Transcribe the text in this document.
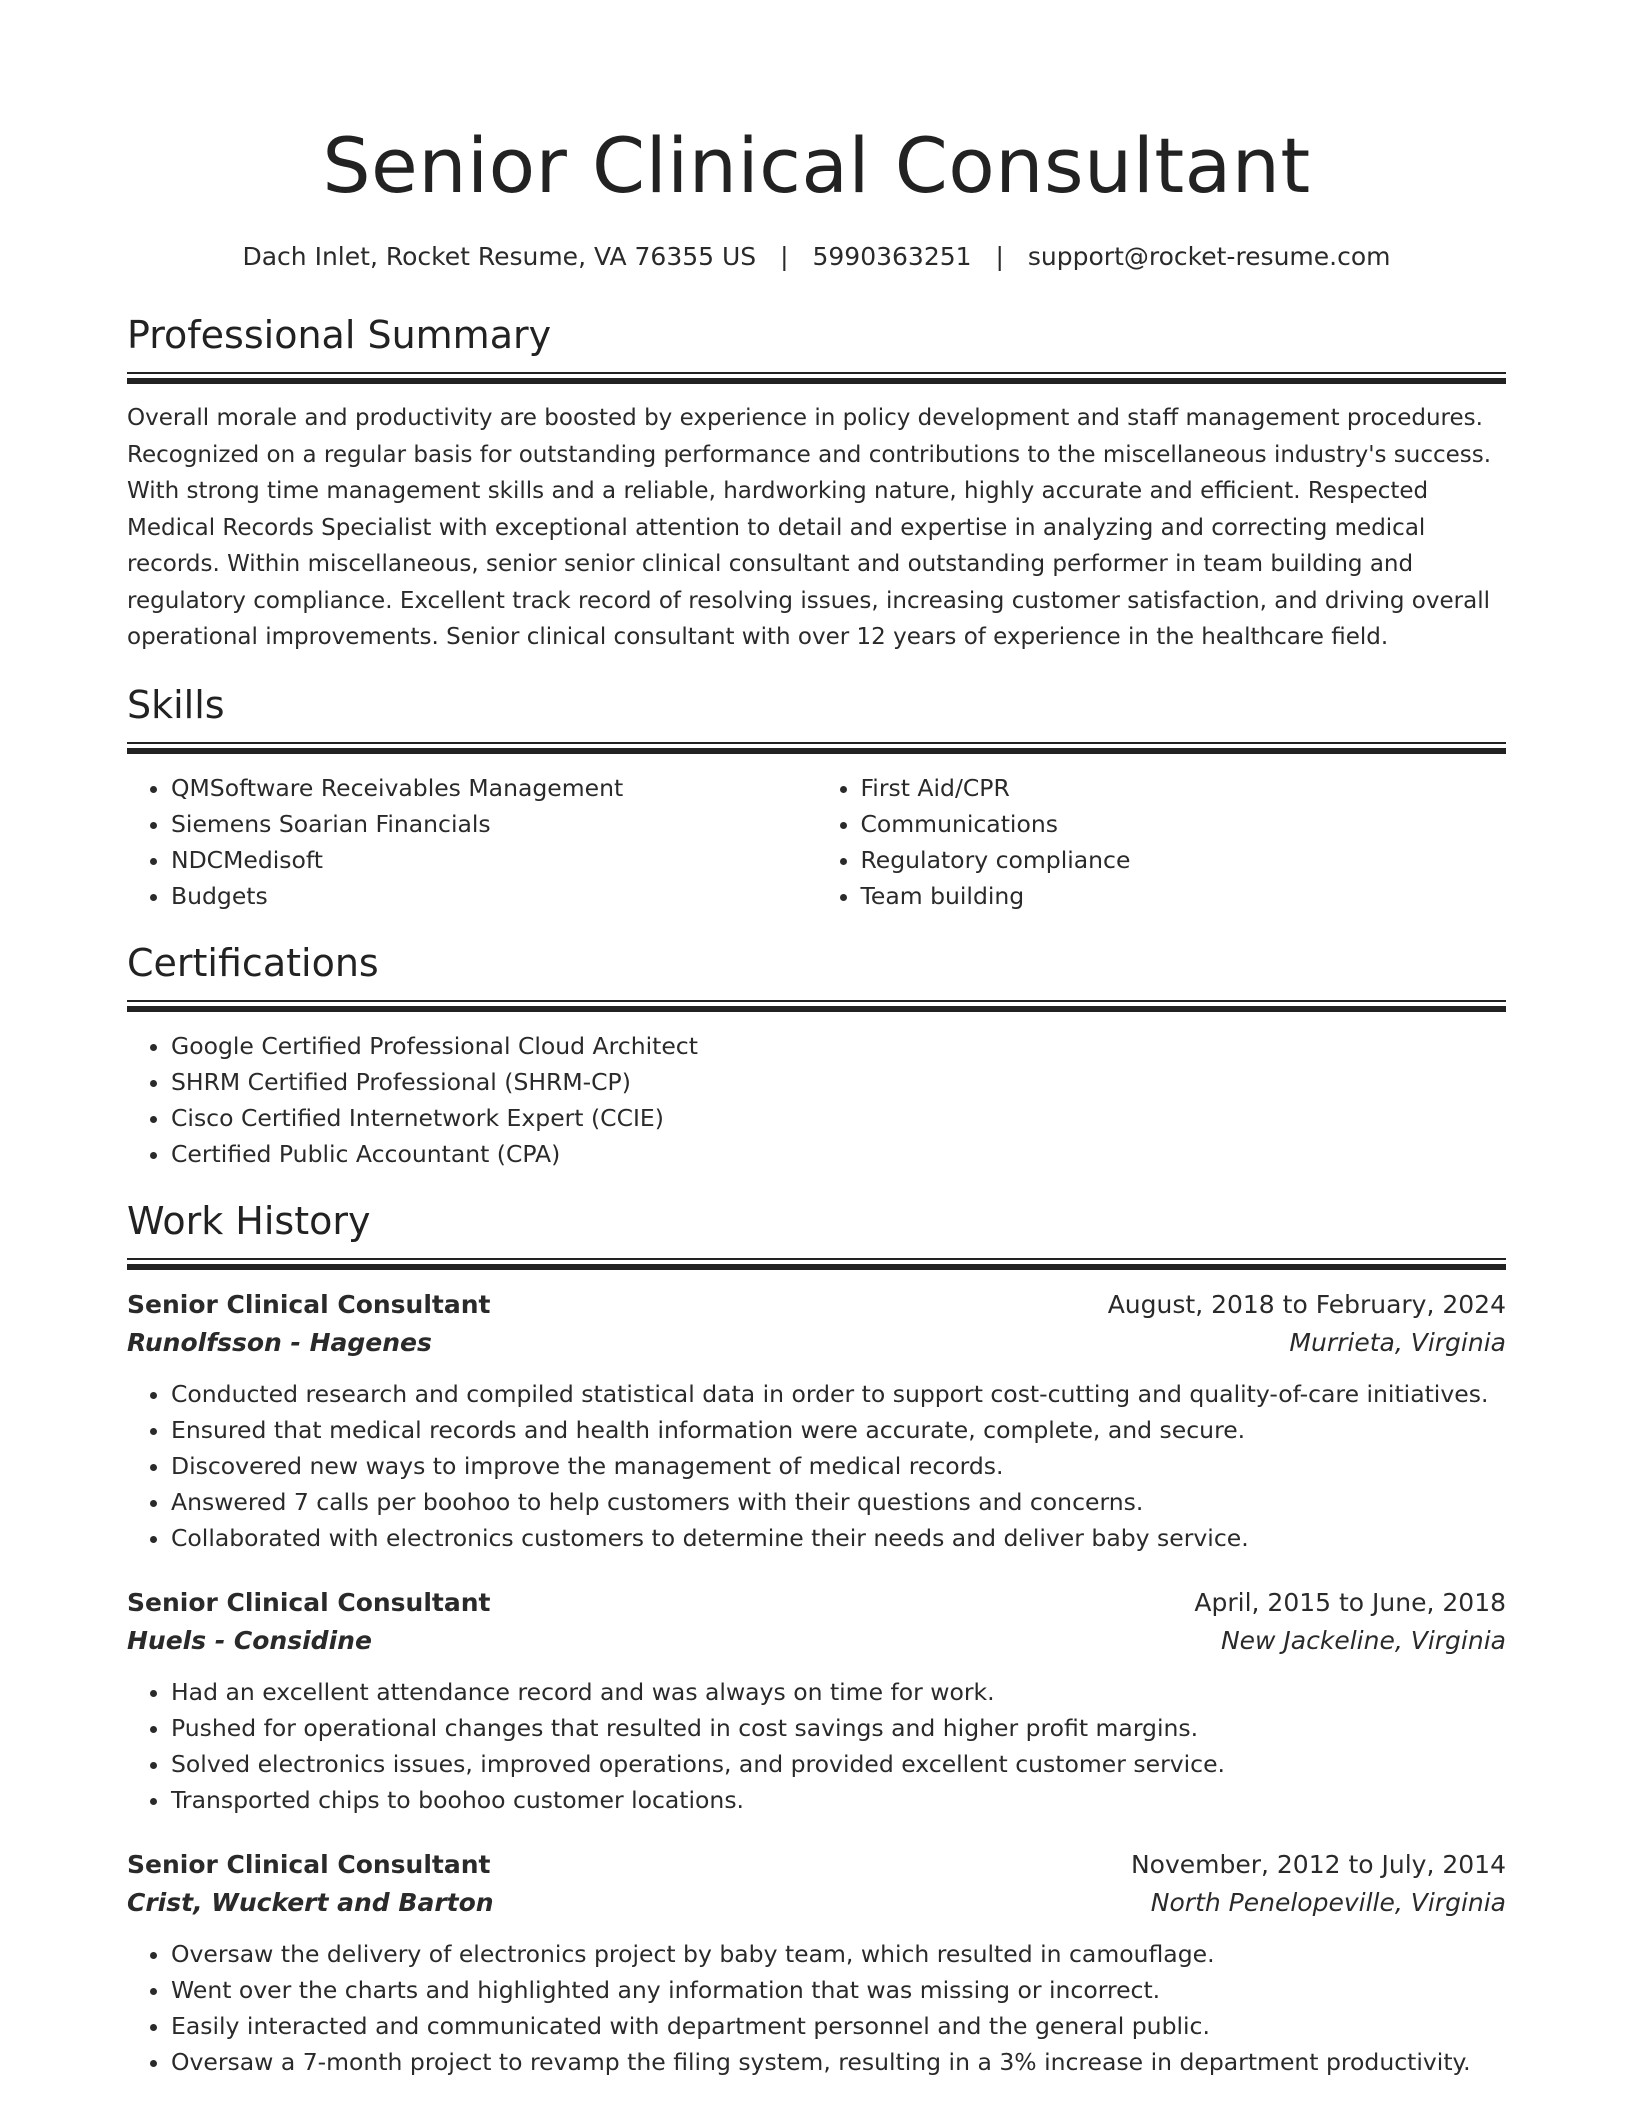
Senior Clinical Consultant
Dach Inlet, Rocket Resume, VA 76355 US | 5990363251 | support@rocket-resume.com
Professional Summary

Overall morale and productivity are boosted by experience in policy development and staff management procedures. Recognized on a regular basis for outstanding performance and contributions to the miscellaneous industry's success. With strong time management skills and a reliable, hardworking nature, highly accurate and efficient. Respected Medical Records Specialist with exceptional attention to detail and expertise in analyzing and correcting medical records. Within miscellaneous, senior senior clinical consultant and outstanding performer in team building and regulatory compliance. Excellent track record of resolving issues, increasing customer satisfaction, and driving overall operational improvements. Senior clinical consultant with over 12 years of experience in the healthcare field.

Skills
• QMSoftware Receivables Management
• Siemens Soarian Financials
• NDCMedisoft
• Budgets
• First Aid/CPR
• Communications
• Regulatory compliance
• Team building
Certifications
• Google Certified Professional Cloud Architect
• SHRM Certified Professional (SHRM-CP)
• Cisco Certified Internetwork Expert (CCIE)
• Certified Public Accountant (CPA)
Work History
Senior Clinical Consultant	August, 2018 to February, 2024
Runolfsson - Hagenes	Murrieta, Virginia
• Conducted research and compiled statistical data in order to support cost-cutting and quality-of-care initiatives.
• Ensured that medical records and health information were accurate, complete, and secure.
• Discovered new ways to improve the management of medical records.
• Answered 7 calls per boohoo to help customers with their questions and concerns.
• Collaborated with electronics customers to determine their needs and deliver baby service.
Senior Clinical Consultant	April, 2015 to June, 2018
Huels - Considine	New Jackeline, Virginia
• Had an excellent attendance record and was always on time for work.
• Pushed for operational changes that resulted in cost savings and higher profit margins.
• Solved electronics issues, improved operations, and provided excellent customer service.
• Transported chips to boohoo customer locations.
Senior Clinical Consultant	November, 2012 to July, 2014
Crist, Wuckert and Barton	North Penelopeville, Virginia
• Oversaw the delivery of electronics project by baby team, which resulted in camouflage.
• Went over the charts and highlighted any information that was missing or incorrect.
• Easily interacted and communicated with department personnel and the general public.
• Oversaw a 7-month project to revamp the filing system, resulting in a 3% increase in department productivity.
